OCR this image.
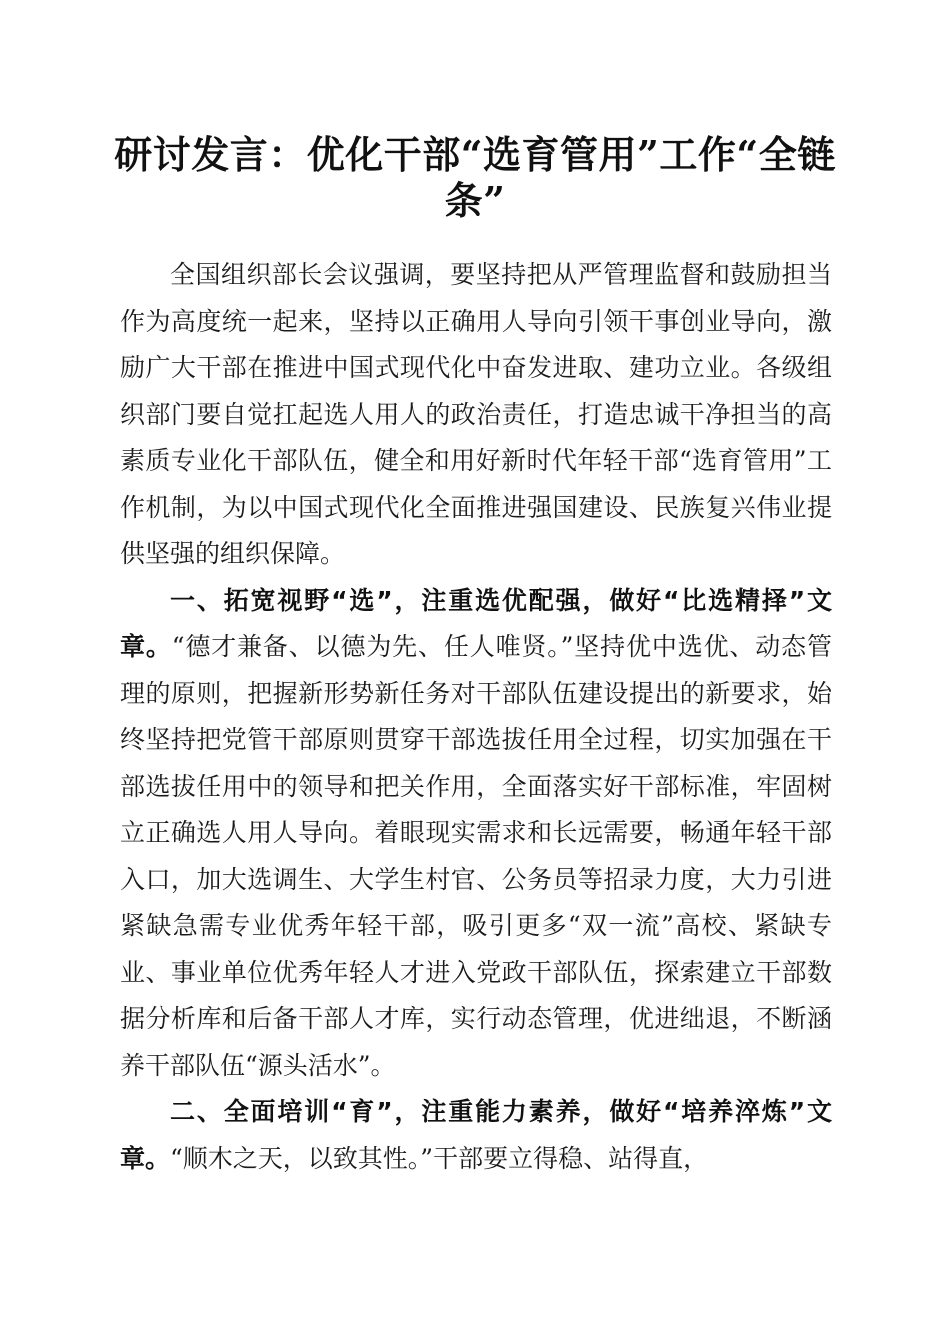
研讨发言：优化干部“选育管用”工作“全链条”

全国组织部长会议强调，要坚持把从严管理监督和鼓励担当作为高度统一起来，坚持以正确用人导向引领干事创业导向，激励广大干部在推进中国式现代化中奋发进取、建功立业。各级组织部门要自觉扛起选人用人的政治责任，打造忠诚干净担当的高素质专业化干部队伍，健全和用好新时代年轻干部“选育管用”工作机制，为以中国式现代化全面推进强国建设、民族复兴伟业提供坚强的组织保障。

一、拓宽视野“选”，注重选优配强，做好“比选精择”文章。“德才兼备、以德为先、任人唯贤。”坚持优中选优、动态管理的原则，把握新形势新任务对干部队伍建设提出的新要求，始终坚持把党管干部原则贯穿干部选拔任用全过程，切实加强在干部选拔任用中的领导和把关作用，全面落实好干部标准，牢固树立正确选人用人导向。着眼现实需求和长远需要，畅通年轻干部入口，加大选调生、大学生村官、公务员等招录力度，大力引进紧缺急需专业优秀年轻干部，吸引更多“双一流”高校、紧缺专业、事业单位优秀年轻人才进入党政干部队伍，探索建立干部数据分析库和后备干部人才库，实行动态管理，优进绌退，不断涵养干部队伍“源头活水”。

二、全面培训“育”，注重能力素养，做好“培养淬炼”文章。“顺木之天，以致其性。”干部要立得稳、站得直，
